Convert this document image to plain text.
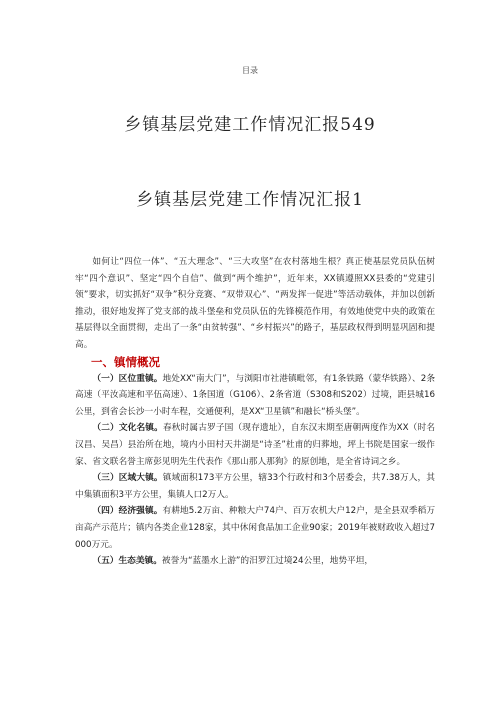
目录
乡镇基层党建工作情况汇报549
乡镇基层党建工作情况汇报1

如何让“四位一体”、“五大理念”、“三大攻坚”在农村落地生根？真正使基层党员队伍树牢“四个意识”、坚定“四个自信”、做到“两个维护”，近年来，XX镇遵照XX县委的“党建引领”要求，切实抓好“双争”积分竞赛、“双带双心”、“两发挥一促进”等活动载体，并加以创新推动，很好地发挥了党支部的战斗堡垒和党员队伍的先锋模范作用，有效地使党中央的政策在基层得以全面贯彻，走出了一条“由贫转强”、“乡村振兴”的路子，基层政权得到明显巩固和提高。

一、镇情概况

（一）区位重镇。地处XX“南大门”，与浏阳市社港镇毗邻，有1条铁路（蒙华铁路）、2条高速（平汝高速和平伍高速）、1条国道（G106）、2条省道（S308和S202）过境，距县城16公里，到省会长沙一小时车程，交通便利，是XX“卫星镇”和融长“桥头堡”。

（二）文化名镇。春秋时属古罗子国（现存遗址），自东汉末期至唐朝两度作为XX（时名汉昌、吴昌）县治所在地，境内小田村天井湖是“诗圣”杜甫的归葬地，坪上书院是国家一级作家、省文联名誉主席彭见明先生代表作《那山那人那狗》的原创地，是全省诗词之乡。

（三）区域大镇。镇域面积173平方公里，辖33个行政村和3个居委会，共7.38万人，其中集镇面积3平方公里，集镇人口2万人。

（四）经济强镇。有耕地5.2万亩、种粮大户74户、百万农机大户12户，是全县双季稻万亩高产示范片；镇内各类企业128家，其中休闲食品加工企业90家；2019年被财政收入超过7000万元。

（五）生态美镇。被誉为“蓝墨水上游”的汨罗江过境24公里，地势平坦，
